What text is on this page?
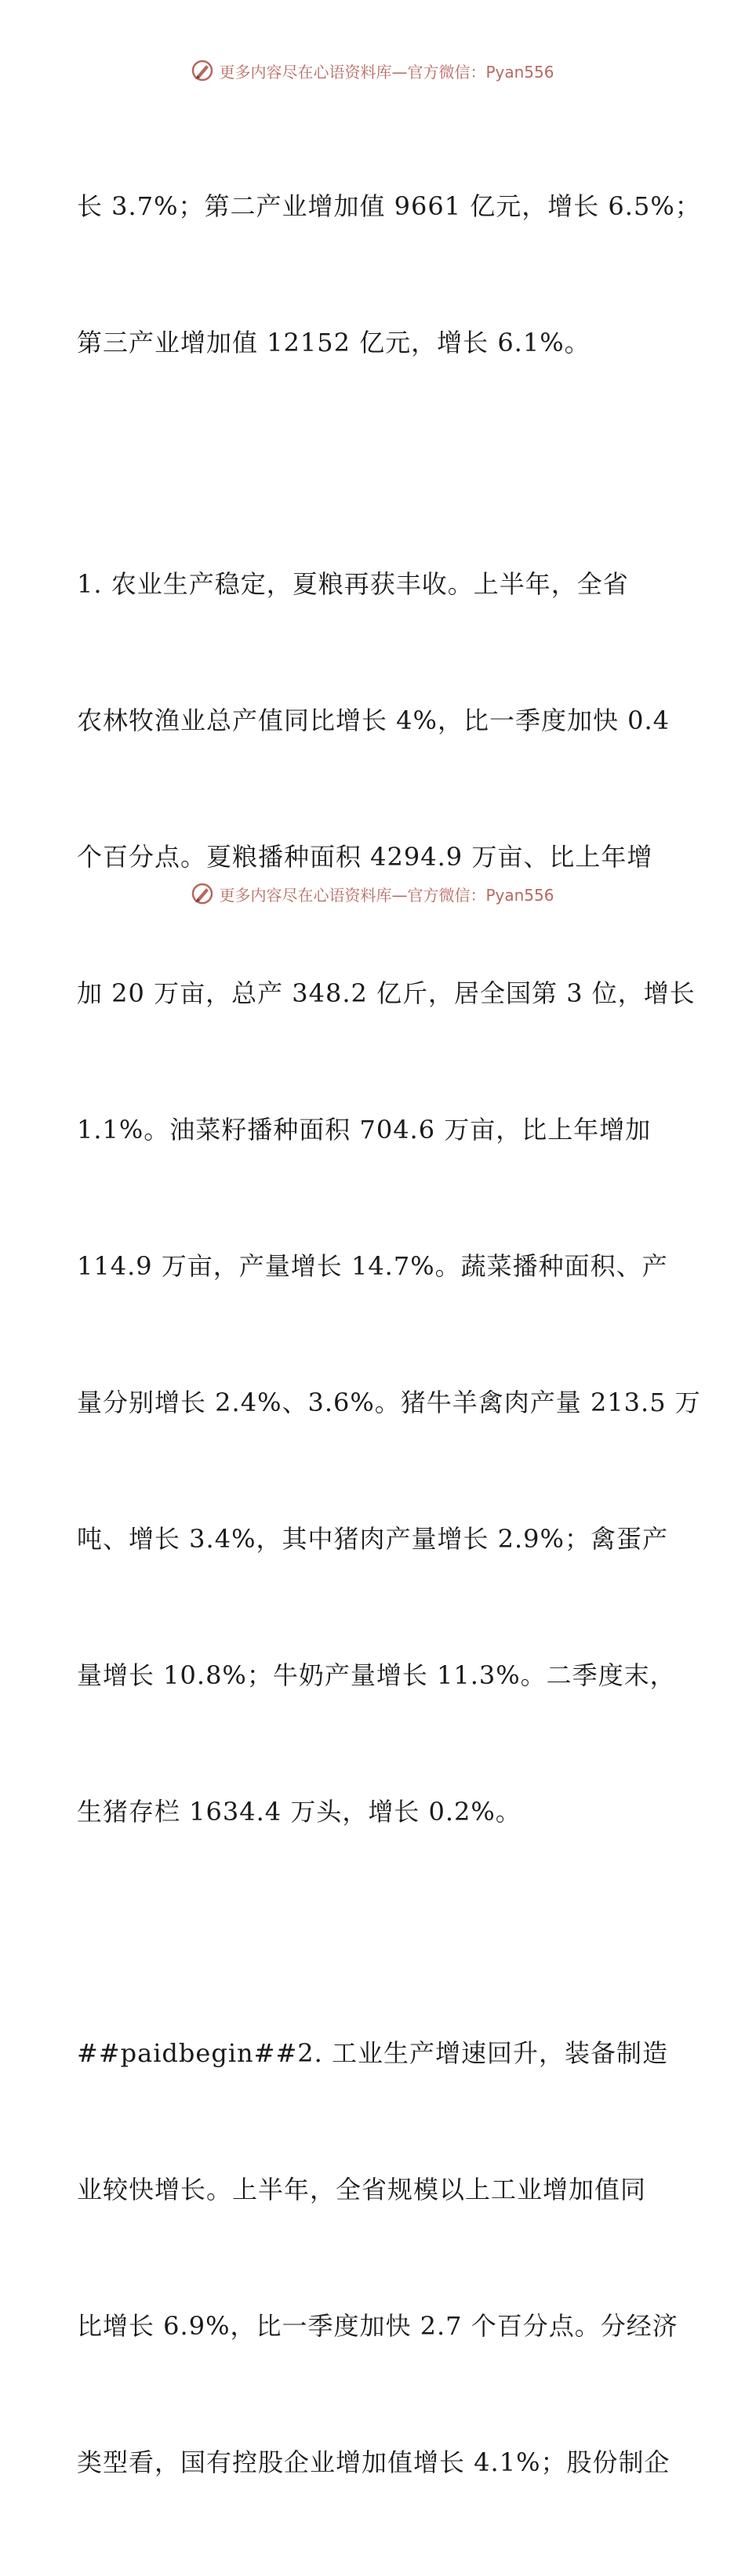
更多内容尽在心语资料库—官方微信：Pyan556

长 3.7%；第二产业增加值 9661 亿元，增长 6.5%；

第三产业增加值 12152 亿元，增长 6.1%。

1. 农业生产稳定，夏粮再获丰收。上半年，全省

农林牧渔业总产值同比增长 4%，比一季度加快 0.4

个百分点。夏粮播种面积 4294.9 万亩、比上年增

加 20 万亩，总产 348.2 亿斤，居全国第 3 位，增长

1.1%。油菜籽播种面积 704.6 万亩，比上年增加

114.9 万亩，产量增长 14.7%。蔬菜播种面积、产

量分别增长 2.4%、3.6%。猪牛羊禽肉产量 213.5 万

吨、增长 3.4%，其中猪肉产量增长 2.9%；禽蛋产

量增长 10.8%；牛奶产量增长 11.3%。二季度末，

生猪存栏 1634.4 万头，增长 0.2%。

##paidbegin##2. 工业生产增速回升，装备制造

业较快增长。上半年，全省规模以上工业增加值同

比增长 6.9%，比一季度加快 2.7 个百分点。分经济

类型看，国有控股企业增加值增长 4.1%；股份制企

更多内容尽在心语资料库—官方微信：Pyan556
